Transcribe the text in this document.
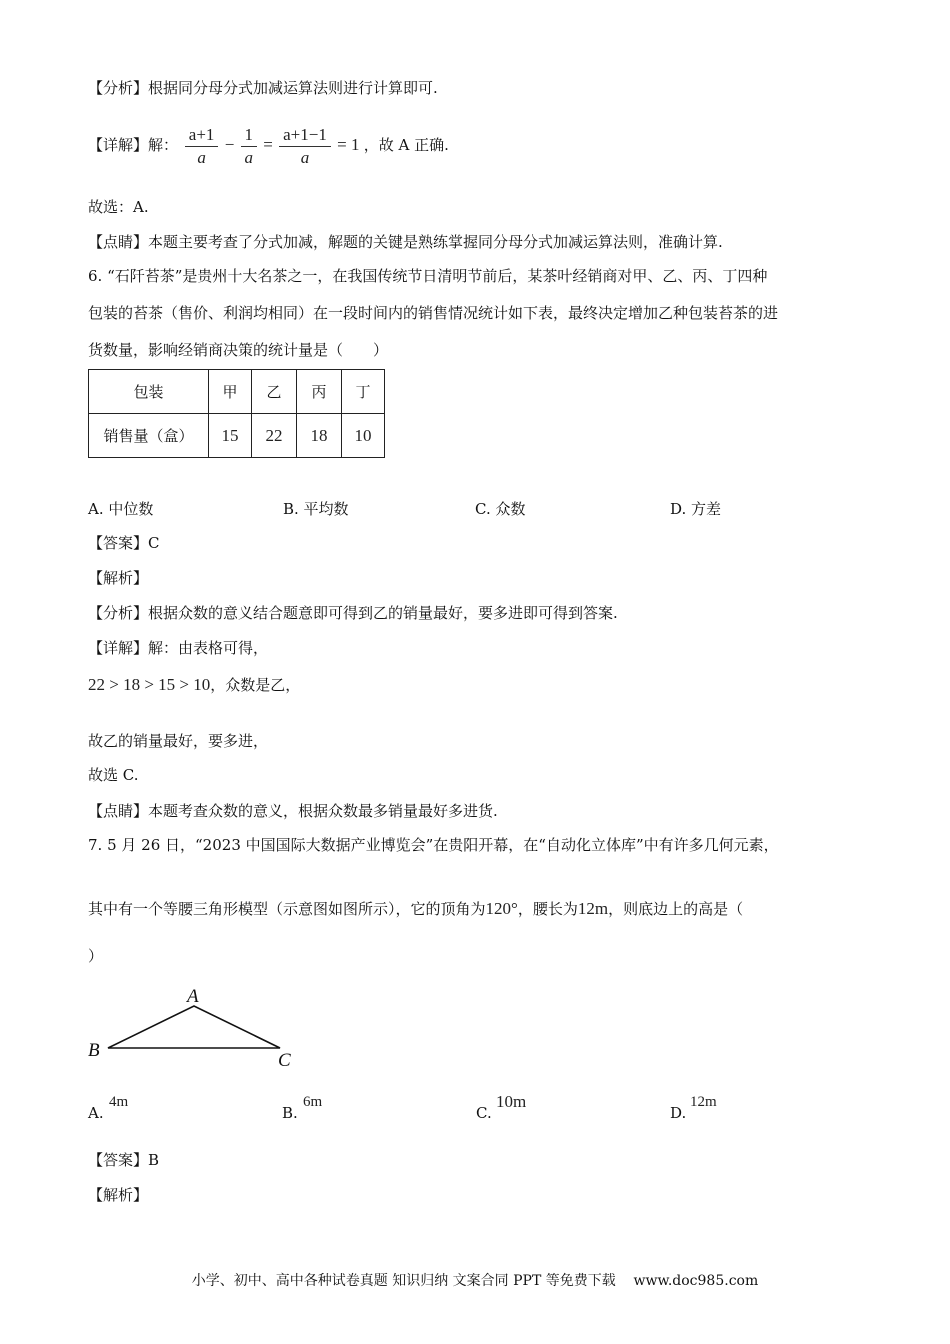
【分析】根据同分母分式加减运算法则进行计算即可.
【详解】解： $\frac{a+1}{a} - \frac{1}{a} = \frac{a+1-1}{a} = 1$ ，故 A 正确.
故选：A.
【点睛】本题主要考查了分式加减，解题的关键是熟练掌握同分母分式加减运算法则，准确计算.
6. “石阡苔茶”是贵州十大名茶之一，在我国传统节日清明节前后，某茶叶经销商对甲、乙、丙、丁四种
包装的苔茶（售价、利润均相同）在一段时间内的销售情况统计如下表，最终决定增加乙种包装苔茶的进
货数量，影响经销商决策的统计量是（　　）
包装	甲	乙	丙	丁
销售量（盒）	15	22	18	10
A. 中位数	B. 平均数	C. 众数	D. 方差
【答案】C
【解析】
【分析】根据众数的意义结合题意即可得到乙的销量最好，要多进即可得到答案.
【详解】解：由表格可得，
22 > 18 > 15 > 10，众数是乙，
故乙的销量最好，要多进，
故选 C.
【点睛】本题考查众数的意义，根据众数最多销量最好多进货.
7. 5 月 26 日，“2023 中国国际大数据产业博览会”在贵阳开幕，在“自动化立体库”中有许多几何元素，
其中有一个等腰三角形模型（示意图如图所示），它的顶角为120°，腰长为12m，则底边上的高是（
）
A
B	C
A.
4m
B.
6m
C.
10m
D.
12m
【答案】B
【解析】
小学、初中、高中各种试卷真题 知识归纳 文案合同 PPT 等免费下载 www.doc985.com
